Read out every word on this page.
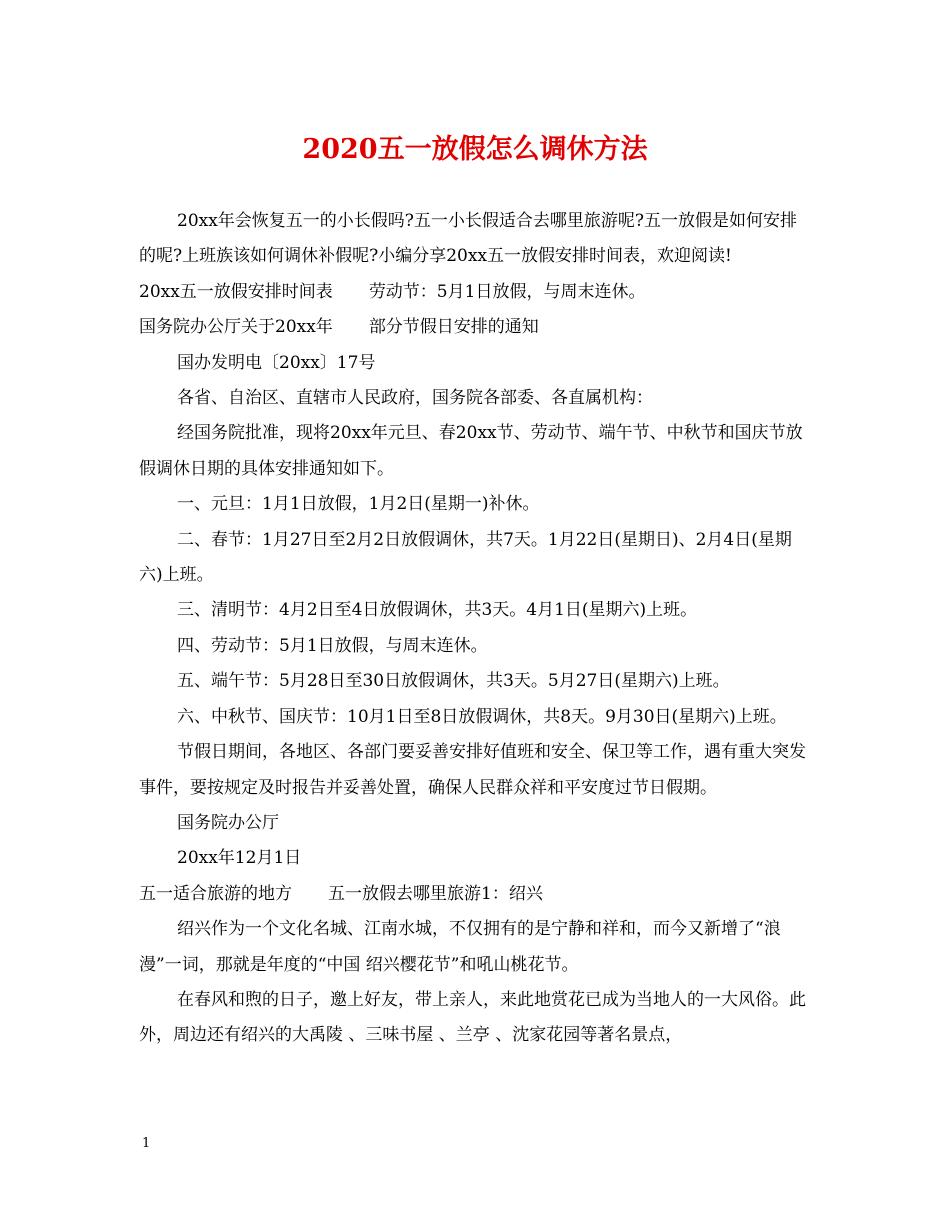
2020五一放假怎么调休方法

20xx年会恢复五一的小长假吗?五一小长假适合去哪里旅游呢?五一放假是如何安排的呢?上班族该如何调休补假呢?小编分享20xx五一放假安排时间表，欢迎阅读!

20xx五一放假安排时间表 劳动节：5月1日放假，与周末连休。

国务院办公厅关于20xx年 部分节假日安排的通知

国办发明电〔20xx〕17号

各省、自治区、直辖市人民政府，国务院各部委、各直属机构：

经国务院批准，现将20xx年元旦、春20xx节、劳动节、端午节、中秋节和国庆节放假调休日期的具体安排通知如下。

一、元旦：1月1日放假，1月2日(星期一)补休。

二、春节：1月27日至2月2日放假调休，共7天。1月22日(星期日)、2月4日(星期六)上班。

三、清明节：4月2日至4日放假调休，共3天。4月1日(星期六)上班。

四、劳动节：5月1日放假，与周末连休。

五、端午节：5月28日至30日放假调休，共3天。5月27日(星期六)上班。

六、中秋节、国庆节：10月1日至8日放假调休，共8天。9月30日(星期六)上班。

节假日期间，各地区、各部门要妥善安排好值班和安全、保卫等工作，遇有重大突发事件，要按规定及时报告并妥善处置，确保人民群众祥和平安度过节日假期。

国务院办公厅

20xx年12月1日

五一适合旅游的地方 五一放假去哪里旅游1：绍兴

绍兴作为一个文化名城、江南水城，不仅拥有的是宁静和祥和，而今又新增了“浪漫”一词，那就是年度的“中国 绍兴樱花节”和吼山桃花节。

在春风和煦的日子，邀上好友，带上亲人，来此地赏花已成为当地人的一大风俗。此外，周边还有绍兴的大禹陵 、三味书屋 、兰亭 、沈家花园等著名景点，

1
